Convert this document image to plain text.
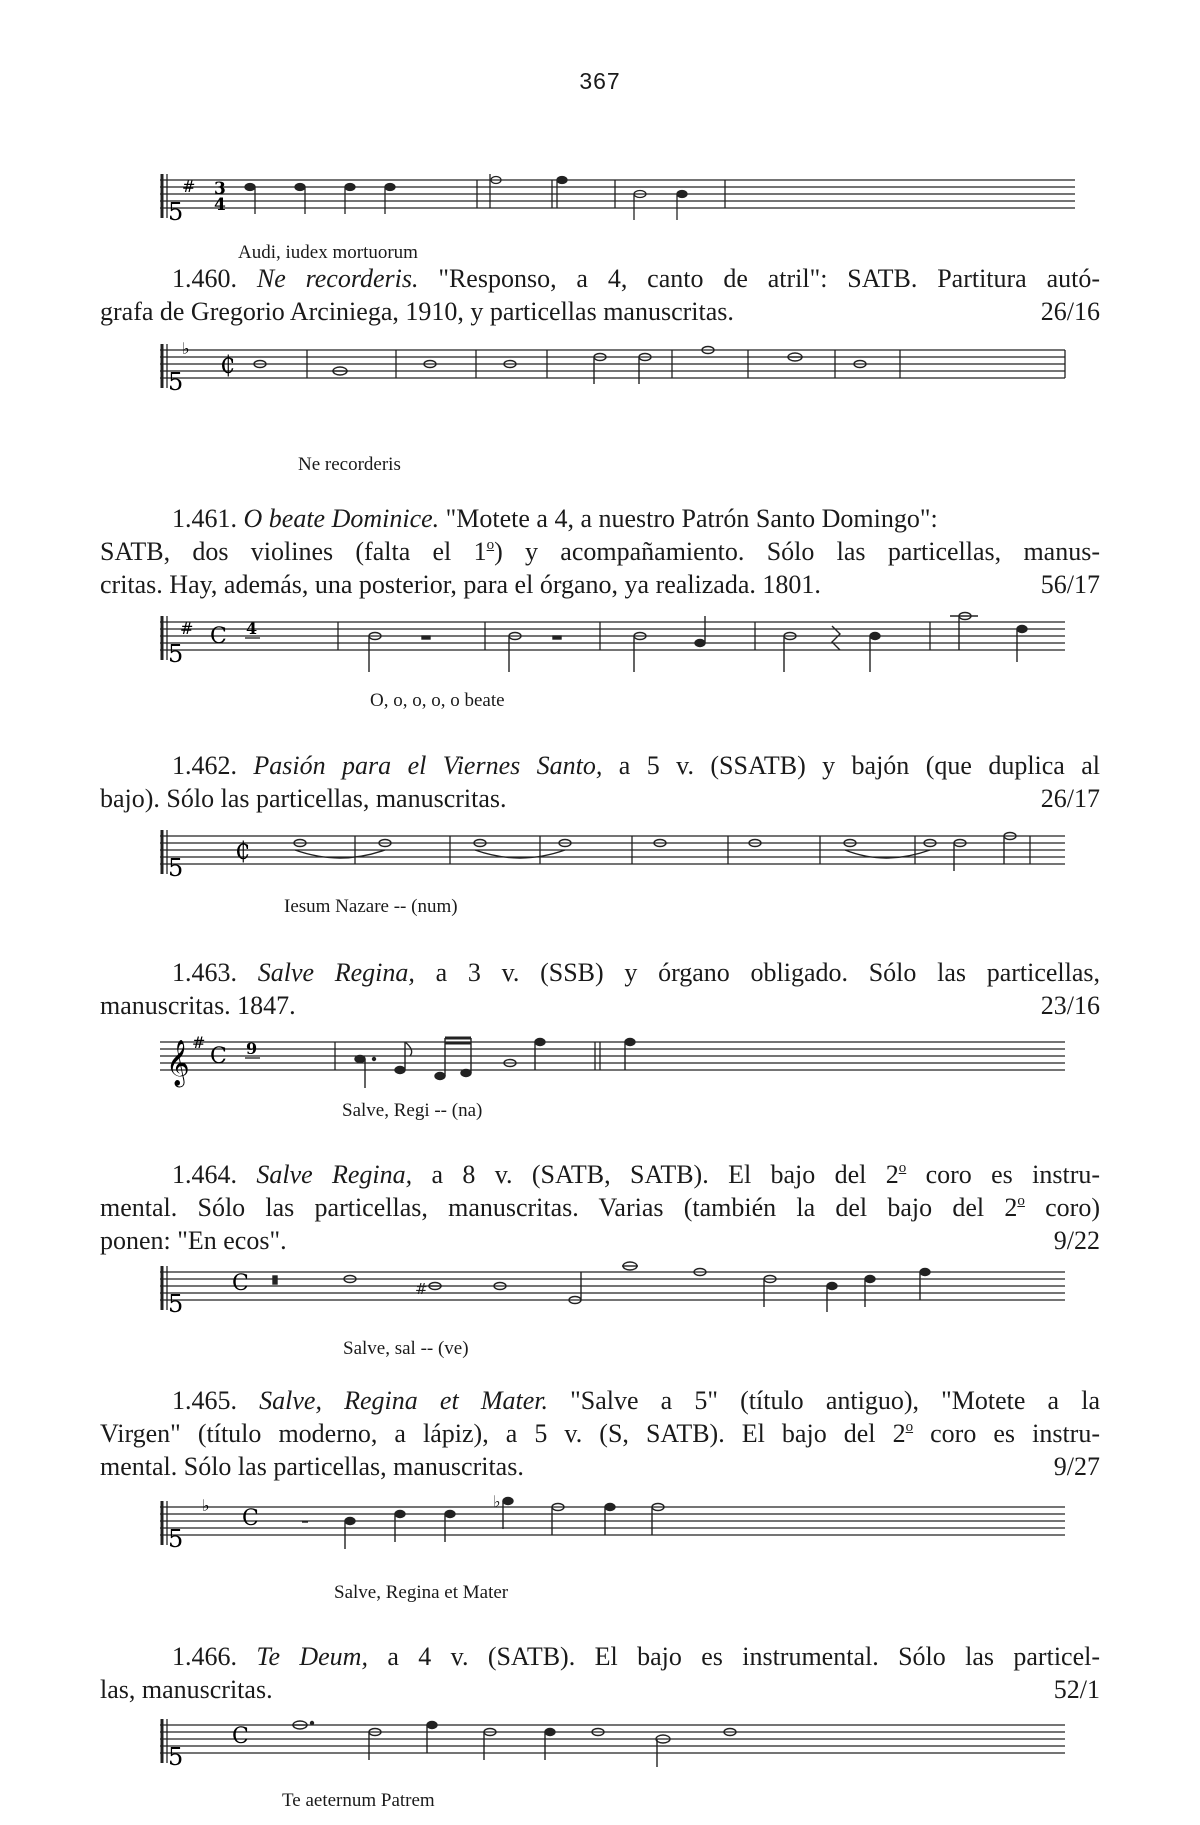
367
5
# 3
4
Audi, iudex mortuorum
1.460. Ne recorderis. "Responso, a 4, canto de atril": SATB. Partitura autó-
grafa de Gregorio Arciniega, 1910, y particellas manuscritas.	26/16
5
♭
₵
Ne recorderis
1.461. O beate Dominice. "Motete a 4, a nuestro Patrón Santo Domingo":
SATB, dos violines (falta el 1$^o$) y acompañamiento. Sólo las particellas, manus-
critas. Hay, además, una posterior, para el órgano, ya realizada. 1801.	56/17
5
# C 4
O, o, o, o, o beate
1.462. Pasión para el Viernes Santo, a 5 v. (SSATB) y bajón (que duplica al
bajo). Sólo las particellas, manuscritas.	26/17
5
₵
Iesum Nazare -- (num)
1.463. Salve Regina, a 3 v. (SSB) y órgano obligado. Sólo las particellas,
manuscritas. 1847.	23/16
𝄞 #
C 9
Salve, Regi -- (na)
1.464. Salve Regina, a 8 v. (SATB, SATB). El bajo del 2$^o$ coro es instru-
mental. Sólo las particellas, manuscritas. Varias (también la del bajo del 2$^o$ coro)
ponen: "En ecos".	9/22
5
C	#
Salve, sal -- (ve)
1.465. Salve, Regina et Mater. "Salve a 5" (título antiguo), "Motete a la
Virgen" (título moderno, a lápiz), a 5 v. (S, SATB). El bajo del 2$^o$ coro es instru-
mental. Sólo las particellas, manuscritas.	9/27
5
♭
C
♭
Salve, Regina et Mater
1.466. Te Deum, a 4 v. (SATB). El bajo es instrumental. Sólo las particel-
las, manuscritas.	52/1
5
C
Te aeternum Patrem
